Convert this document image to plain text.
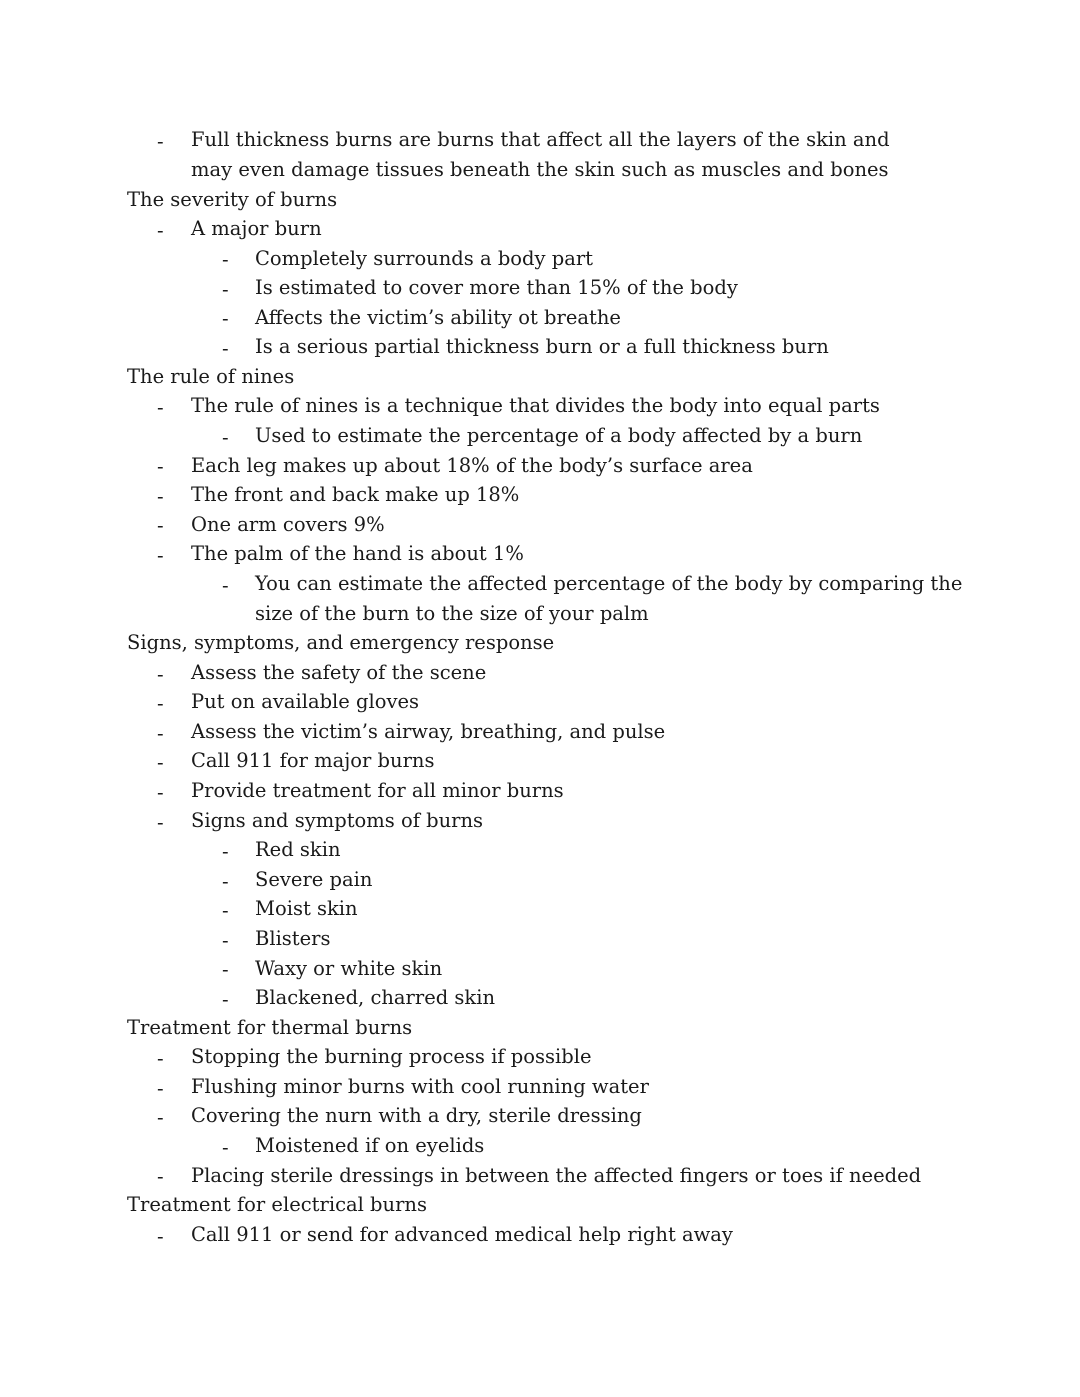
- Full thickness burns are burns that affect all the layers of the skin and may even damage tissues beneath the skin such as muscles and bones
The severity of burns
- A major burn
- Completely surrounds a body part
- Is estimated to cover more than 15% of the body
- Affects the victim’s ability ot breathe
- Is a serious partial thickness burn or a full thickness burn
The rule of nines
- The rule of nines is a technique that divides the body into equal parts
- Used to estimate the percentage of a body affected by a burn
- Each leg makes up about 18% of the body’s surface area
- The front and back make up 18%
- One arm covers 9%
- The palm of the hand is about 1%
- You can estimate the affected percentage of the body by comparing the size of the burn to the size of your palm
Signs, symptoms, and emergency response
- Assess the safety of the scene
- Put on available gloves
- Assess the victim’s airway, breathing, and pulse
- Call 911 for major burns
- Provide treatment for all minor burns
- Signs and symptoms of burns
- Red skin
- Severe pain
- Moist skin
- Blisters
- Waxy or white skin
- Blackened, charred skin
Treatment for thermal burns
- Stopping the burning process if possible
- Flushing minor burns with cool running water
- Covering the nurn with a dry, sterile dressing
- Moistened if on eyelids
- Placing sterile dressings in between the affected fingers or toes if needed
Treatment for electrical burns
- Call 911 or send for advanced medical help right away
